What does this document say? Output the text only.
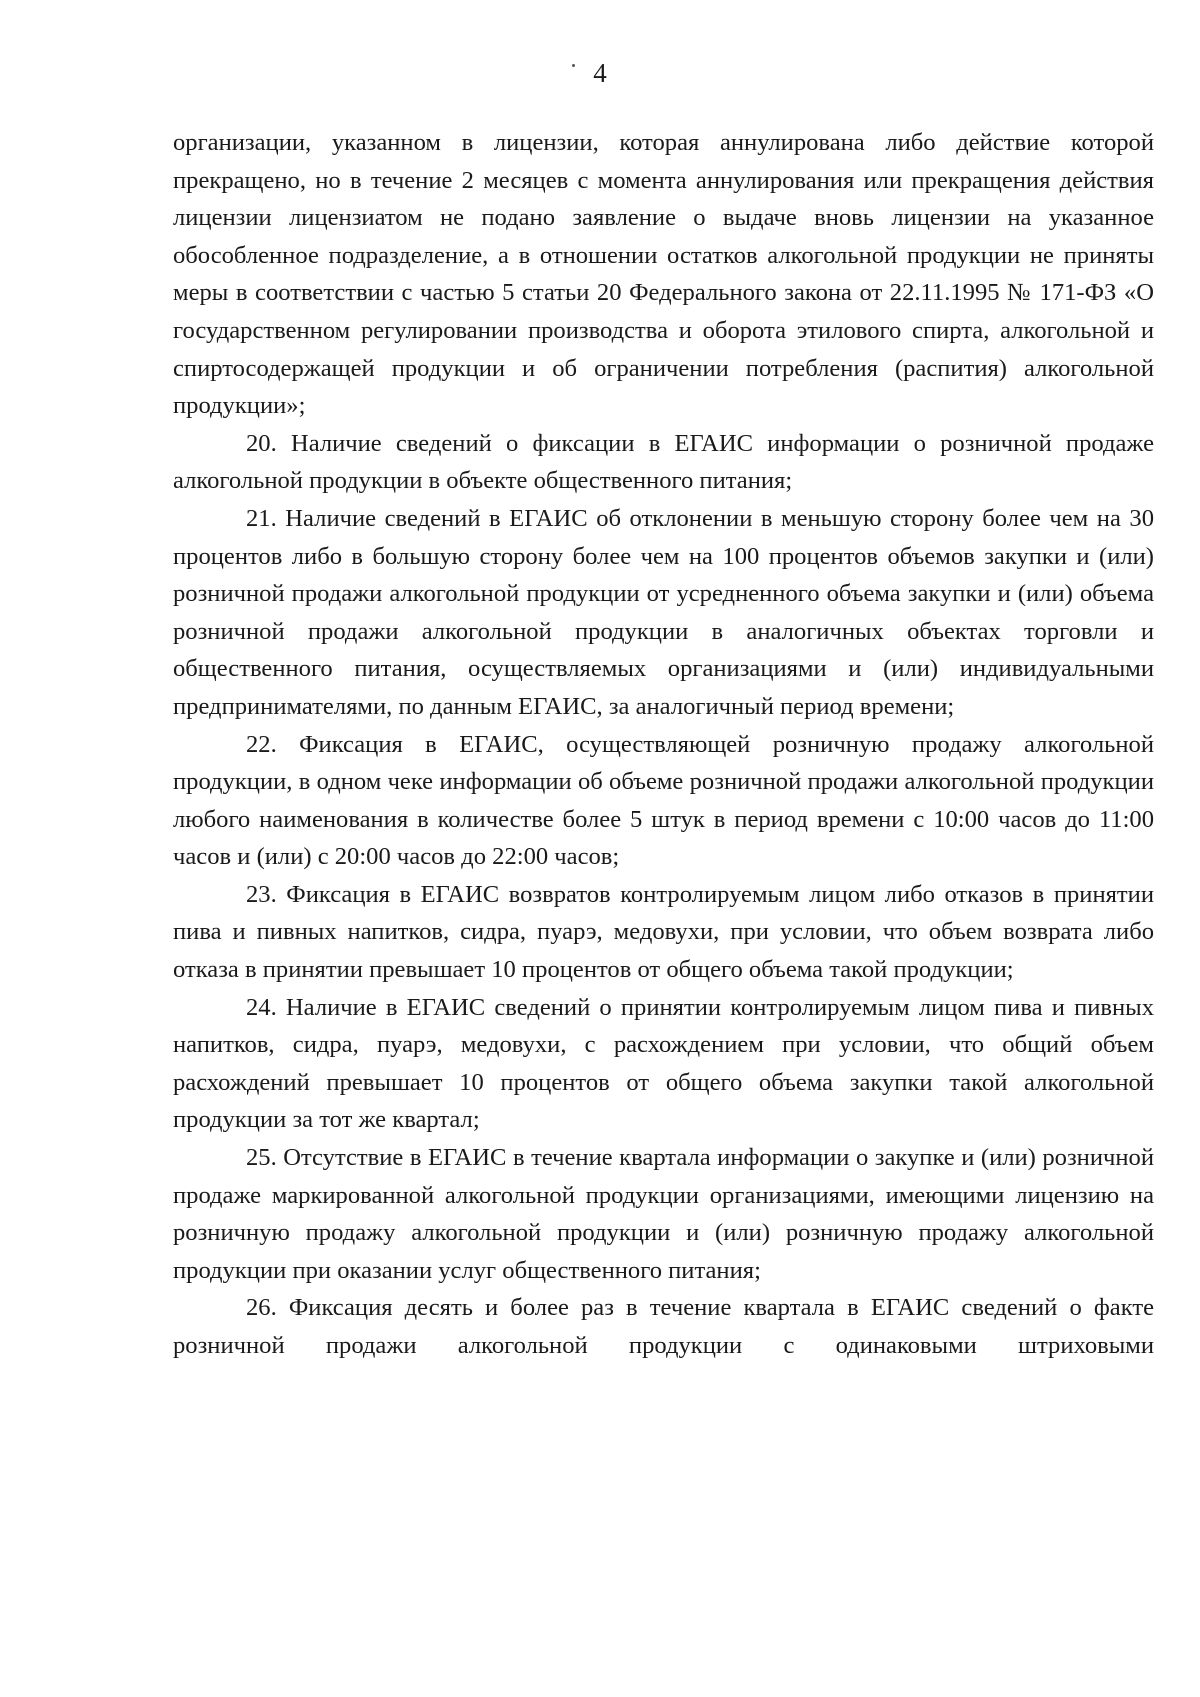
4

организации, указанном в лицензии, которая аннулирована либо действие которой прекращено, но в течение 2 месяцев с момента аннулирования или прекращения действия лицензии лицензиатом не подано заявление о выдаче вновь лицензии на указанное обособленное подразделение, а в отношении остатков алкогольной продукции не приняты меры в соответствии с частью 5 статьи 20 Федерального закона от 22.11.1995 № 171-ФЗ «О государственном регулировании производства и оборота этилового спирта, алкогольной и спиртосодержащей продукции и об ограничении потребления (распития) алкогольной продукции»;

20. Наличие сведений о фиксации в ЕГАИС информации о розничной продаже алкогольной продукции в объекте общественного питания;

21. Наличие сведений в ЕГАИС об отклонении в меньшую сторону более чем на 30 процентов либо в большую сторону более чем на 100 процентов объемов закупки и (или) розничной продажи алкогольной продукции от усредненного объема закупки и (или) объема розничной продажи алкогольной продукции в аналогичных объектах торговли и общественного питания, осуществляемых организациями и (или) индивидуальными предпринимателями, по данным ЕГАИС, за аналогичный период времени;

22. Фиксация в ЕГАИС, осуществляющей розничную продажу алкогольной продукции, в одном чеке информации об объеме розничной продажи алкогольной продукции любого наименования в количестве более 5 штук в период времени с 10:00 часов до 11:00 часов и (или) с 20:00 часов до 22:00 часов;

23. Фиксация в ЕГАИС возвратов контролируемым лицом либо отказов в принятии пива и пивных напитков, сидра, пуарэ, медовухи, при условии, что объем возврата либо отказа в принятии превышает 10 процентов от общего объема такой продукции;

24. Наличие в ЕГАИС сведений о принятии контролируемым лицом пива и пивных напитков, сидра, пуарэ, медовухи, с расхождением при условии, что общий объем расхождений превышает 10 процентов от общего объема закупки такой алкогольной продукции за тот же квартал;

25. Отсутствие в ЕГАИС в течение квартала информации о закупке и (или) розничной продаже маркированной алкогольной продукции организациями, имеющими лицензию на розничную продажу алкогольной продукции и (или) розничную продажу алкогольной продукции при оказании услуг общественного питания;

26. Фиксация десять и более раз в течение квартала в ЕГАИС сведений о факте розничной продажи алкогольной продукции с одинаковыми штриховыми
